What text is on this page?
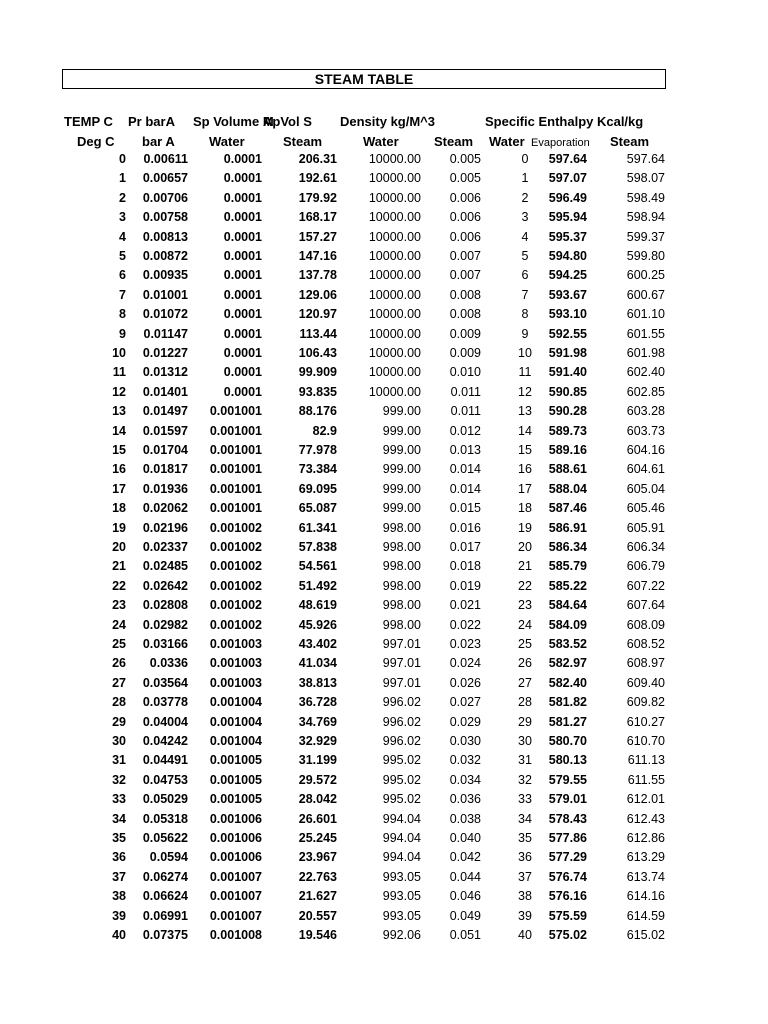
STEAM TABLE
TEMP C Pr barA Sp Volume M
ApVol S Density kg/M^3	Specific Enthalpy Kcal/kg
Deg C bar A	Water	Steam	Water	Steam Water Evaporation Steam
0 0.00611	0.0001	206.31	10000.00 0.005	0	597.64	597.64
1 0.00657	0.0001	192.61	10000.00 0.005	1	597.07	598.07
2 0.00706	0.0001	179.92	10000.00 0.006	2	596.49	598.49
3 0.00758	0.0001	168.17	10000.00 0.006	3	595.94	598.94
4 0.00813	0.0001	157.27	10000.00 0.006	4	595.37	599.37
5 0.00872	0.0001	147.16	10000.00 0.007	5	594.80	599.80
6 0.00935	0.0001	137.78	10000.00 0.007	6	594.25	600.25
7 0.01001	0.0001	129.06	10000.00 0.008	7	593.67	600.67
8 0.01072	0.0001	120.97	10000.00 0.008	8	593.10	601.10
9 0.01147	0.0001	113.44	10000.00 0.009	9	592.55	601.55
10 0.01227	0.0001	106.43	10000.00 0.009	10	591.98	601.98
11 0.01312	0.0001	99.909	10000.00 0.010	11	591.40	602.40
12 0.01401	0.0001	93.835	10000.00 0.011	12	590.85	602.85
13 0.01497 0.001001	88.176	999.00 0.011	13	590.28	603.28
14 0.01597 0.001001	82.9	999.00 0.012	14	589.73	603.73
15 0.01704 0.001001	77.978	999.00 0.013	15	589.16	604.16
16 0.01817 0.001001	73.384	999.00 0.014	16	588.61	604.61
17 0.01936 0.001001	69.095	999.00 0.014	17	588.04	605.04
18 0.02062 0.001001	65.087	999.00 0.015	18	587.46	605.46
19 0.02196 0.001002	61.341	998.00 0.016	19	586.91	605.91
20 0.02337 0.001002	57.838	998.00 0.017	20	586.34	606.34
21 0.02485 0.001002	54.561	998.00 0.018	21	585.79	606.79
22 0.02642 0.001002	51.492	998.00 0.019	22	585.22	607.22
23 0.02808 0.001002	48.619	998.00 0.021	23	584.64	607.64
24 0.02982 0.001002	45.926	998.00 0.022	24	584.09	608.09
25 0.03166 0.001003	43.402	997.01 0.023	25	583.52	608.52
26 0.0336 0.001003	41.034	997.01 0.024	26	582.97	608.97
27 0.03564 0.001003	38.813	997.01 0.026	27	582.40	609.40
28 0.03778 0.001004	36.728	996.02 0.027	28	581.82	609.82
29 0.04004 0.001004	34.769	996.02 0.029	29	581.27	610.27
30 0.04242 0.001004	32.929	996.02 0.030	30	580.70	610.70
31 0.04491 0.001005	31.199	995.02 0.032	31	580.13	611.13
32 0.04753 0.001005	29.572	995.02 0.034	32	579.55	611.55
33 0.05029 0.001005	28.042	995.02 0.036	33	579.01	612.01
34 0.05318 0.001006	26.601	994.04 0.038	34	578.43	612.43
35 0.05622 0.001006	25.245	994.04 0.040	35	577.86	612.86
36 0.0594 0.001006	23.967	994.04 0.042	36	577.29	613.29
37 0.06274 0.001007	22.763	993.05 0.044	37	576.74	613.74
38 0.06624 0.001007	21.627	993.05 0.046	38	576.16	614.16
39 0.06991 0.001007	20.557	993.05 0.049	39	575.59	614.59
40 0.07375 0.001008	19.546	992.06 0.051	40	575.02	615.02
